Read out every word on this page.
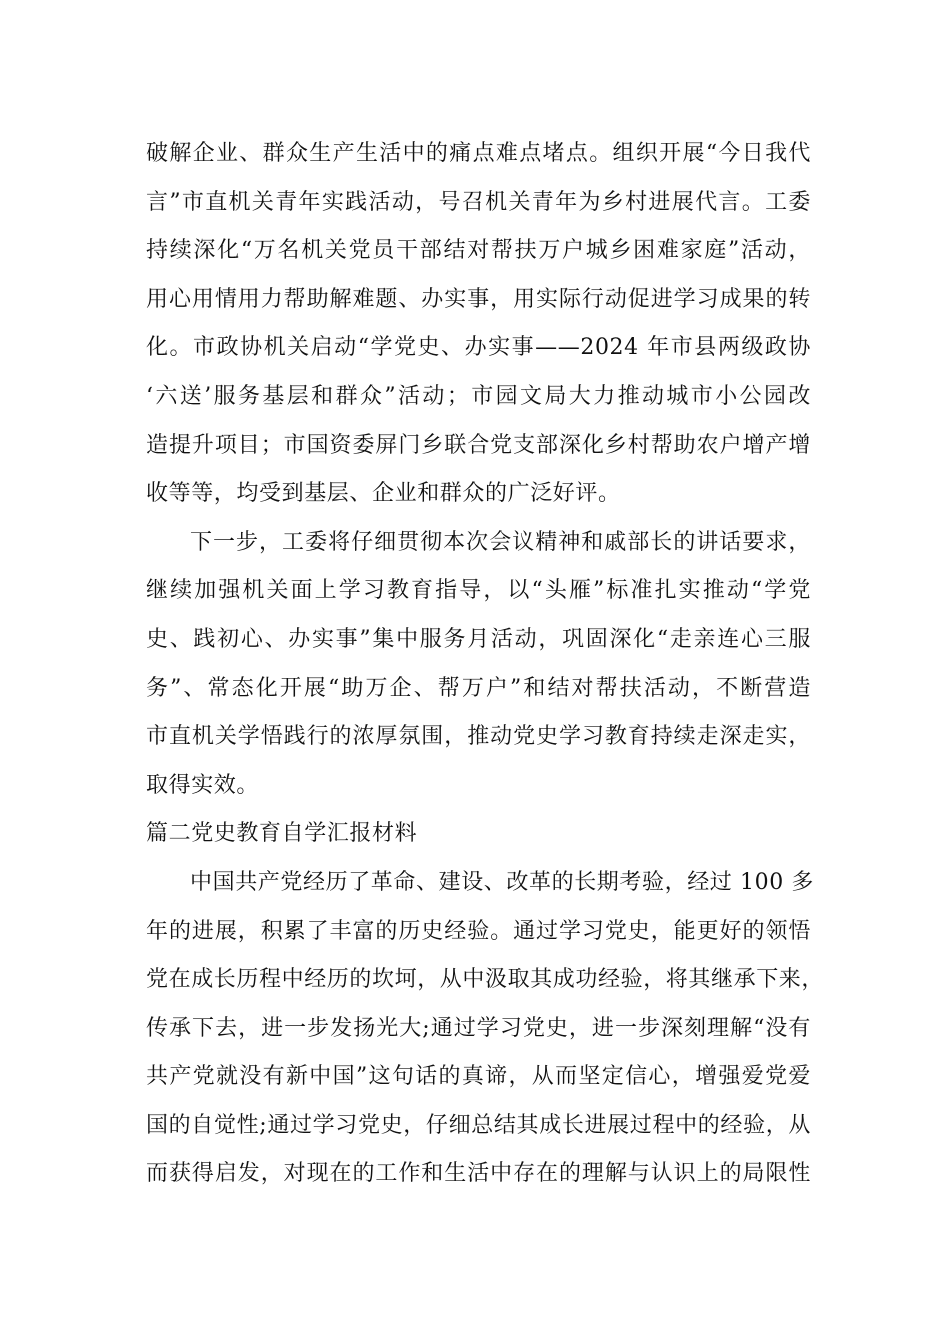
破解企业、群众生产生活中的痛点难点堵点。组织开展“今日我代
言”市直机关青年实践活动，号召机关青年为乡村进展代言。工委
持续深化“万名机关党员干部结对帮扶万户城乡困难家庭”活动，
用心用情用力帮助解难题、办实事，用实际行动促进学习成果的转
化。市政协机关启动“学党史、办实事——2024 年市县两级政协
‘六送’服务基层和群众”活动；市园文局大力推动城市小公园改
造提升项目；市国资委屏门乡联合党支部深化乡村帮助农户增产增
收等等，均受到基层、企业和群众的广泛好评。
下一步，工委将仔细贯彻本次会议精神和戚部长的讲话要求，
继续加强机关面上学习教育指导，以“头雁”标准扎实推动“学党
史、践初心、办实事”集中服务月活动，巩固深化“走亲连心三服
务”、常态化开展“助万企、帮万户”和结对帮扶活动，不断营造
市直机关学悟践行的浓厚氛围，推动党史学习教育持续走深走实，
取得实效。
篇二党史教育自学汇报材料
中国共产党经历了革命、建设、改革的长期考验，经过 100 多
年的进展，积累了丰富的历史经验。通过学习党史，能更好的领悟
党在成长历程中经历的坎坷，从中汲取其成功经验，将其继承下来，
传承下去，进一步发扬光大;通过学习党史，进一步深刻理解“没有
共产党就没有新中国”这句话的真谛，从而坚定信心，增强爱党爱
国的自觉性;通过学习党史，仔细总结其成长进展过程中的经验，从
而获得启发，对现在的工作和生活中存在的理解与认识上的局限性
